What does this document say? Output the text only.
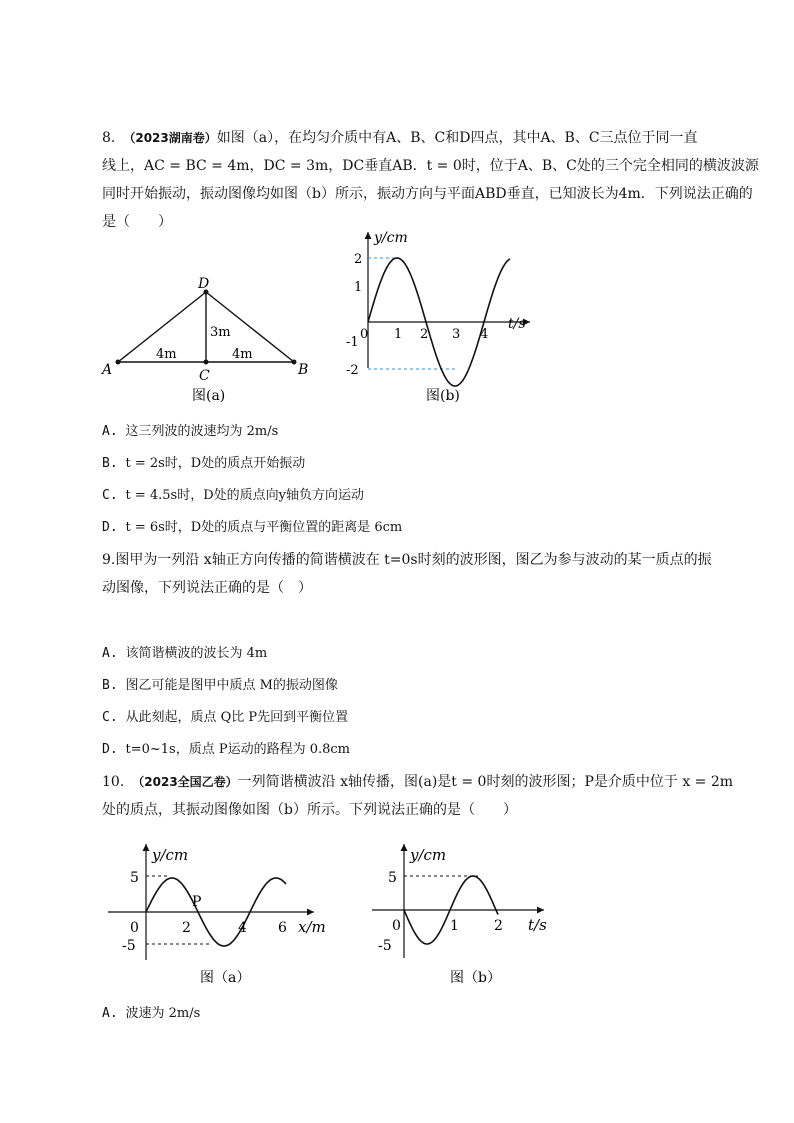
8. （2023湖南卷）如图（a），在均匀介质中有A、B、C和D四点，其中A、B、C三点位于同一直
线上，AC = BC = 4m，DC = 3m，DC垂直AB．t = 0时，位于A、B、C处的三个完全相同的横波波源
同时开始振动，振动图像均如图（b）所示，振动方向与平面ABD垂直，已知波长为4m．下列说法正确的
是（　　）
D
A	B
C
4m	4m
3m
图(a)
y/cm
t/s
2
1
-1
-2
0 1 2 3 4
图(b)
A. 这三列波的波速均为 2m/s
B. t = 2s时，D处的质点开始振动
C. t = 4.5s时，D处的质点向y轴负方向运动
D. t = 6s时，D处的质点与平衡位置的距离是 6cm
9.图甲为一列沿 x轴正方向传播的简谐横波在 t=0s时刻的波形图，图乙为参与波动的某一质点的振
动图像，下列说法正确的是（　）
A. 该简谐横波的波长为 4m
B. 图乙可能是图甲中质点 M的振动图像
C. 从此刻起，质点 Q比 P先回到平衡位置
D. t=0~1s，质点 P运动的路程为 0.8cm
10. （2023全国乙卷）一列简谐横波沿 x轴传播，图(a)是t = 0时刻的波形图；P是介质中位于 x = 2m
处的质点，其振动图像如图（b）所示。下列说法正确的是（　　）
y/cm
x/m
5
-5
0	2	4 6
P
图（a）
y/cm
t/s
5
-5
0	1	2
图（b）
A. 波速为 2m/s
